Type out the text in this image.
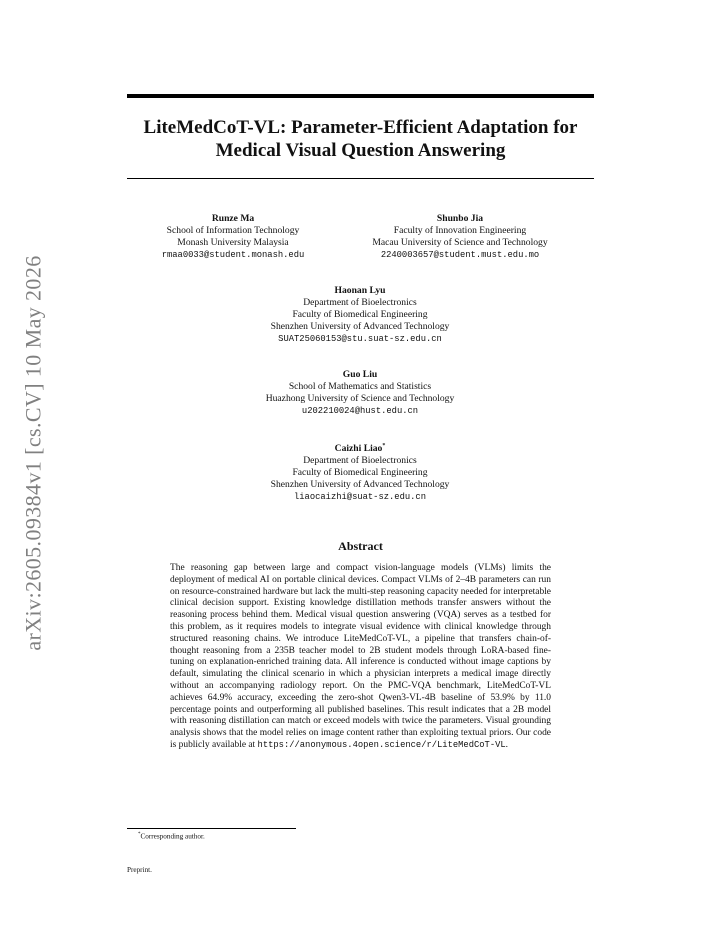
arXiv:2605.09384v1 [cs.CV] 10 May 2026
LiteMedCoT-VL: Parameter-Efficient Adaptation for
Medical Visual Question Answering
Runze Ma
School of Information Technology
Monash University Malaysia
rmaa0033@student.monash.edu
Shunbo Jia
Faculty of Innovation Engineering
Macau University of Science and Technology
2240003657@student.must.edu.mo
Haonan Lyu
Department of Bioelectronics
Faculty of Biomedical Engineering
Shenzhen University of Advanced Technology
SUAT25060153@stu.suat-sz.edu.cn
Guo Liu
School of Mathematics and Statistics
Huazhong University of Science and Technology
u202210024@hust.edu.cn
Caizhi Liao*
Department of Bioelectronics
Faculty of Biomedical Engineering
Shenzhen University of Advanced Technology
liaocaizhi@suat-sz.edu.cn
Abstract

The reasoning gap between large and compact vision-language models (VLMs) limits the deployment of medical AI on portable clinical devices. Compact VLMs of 2–4B parameters can run on resource-constrained hardware but lack the multi-step reasoning capacity needed for interpretable clinical decision support. Existing knowledge distillation methods transfer answers without the reasoning process behind them. Medical visual question answering (VQA) serves as a testbed for this problem, as it requires models to integrate visual evidence with clinical knowledge through structured reasoning chains. We introduce LiteMedCoT-VL, a pipeline that transfers chain-of-thought reasoning from a 235B teacher model to 2B student models through LoRA-based fine-tuning on explanation-enriched training data. All inference is conducted without image captions by default, simulating the clinical scenario in which a physician interprets a medical image directly without an accompanying radiology report. On the PMC-VQA benchmark, LiteMedCoT-VL achieves 64.9% accuracy, exceeding the zero-shot Qwen3-VL-4B baseline of 53.9% by 11.0 percentage points and outperforming all published baselines. This result indicates that a 2B model with reasoning distillation can match or exceed models with twice the parameters. Visual grounding analysis shows that the model relies on image content rather than exploiting textual priors. Our code is publicly available at https://anonymous.4open.science/r/LiteMedCoT-VL.

*Corresponding author.
Preprint.
